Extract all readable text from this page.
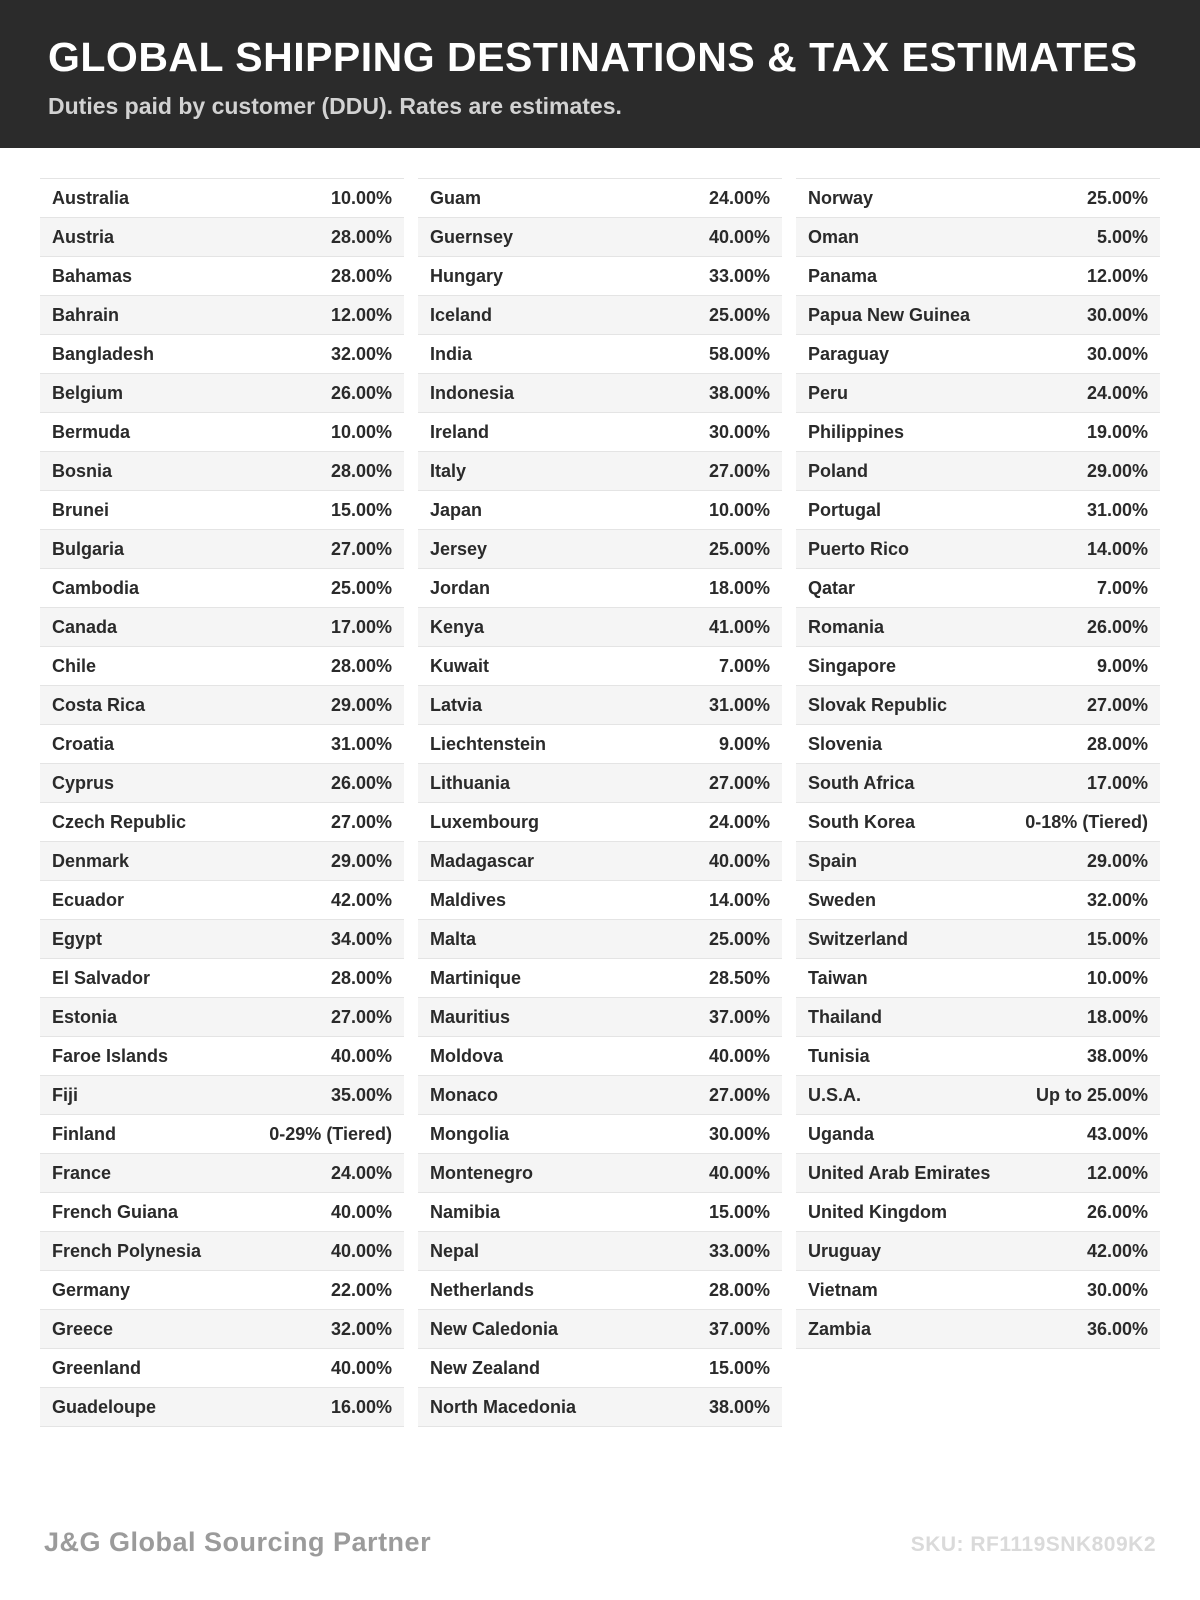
GLOBAL SHIPPING DESTINATIONS & TAX ESTIMATES

Duties paid by customer (DDU). Rates are estimates.

Australia	10.00%
Austria	28.00%
Bahamas	28.00%
Bahrain	12.00%
Bangladesh	32.00%
Belgium	26.00%
Bermuda	10.00%
Bosnia	28.00%
Brunei	15.00%
Bulgaria	27.00%
Cambodia	25.00%
Canada	17.00%
Chile	28.00%
Costa Rica	29.00%
Croatia	31.00%
Cyprus	26.00%
Czech Republic	27.00%
Denmark	29.00%
Ecuador	42.00%
Egypt	34.00%
El Salvador	28.00%
Estonia	27.00%
Faroe Islands	40.00%
Fiji	35.00%
Finland	0-29% (Tiered)
France	24.00%
French Guiana	40.00%
French Polynesia	40.00%
Germany	22.00%
Greece	32.00%
Greenland	40.00%
Guadeloupe	16.00%
Guam	24.00%
Guernsey	40.00%
Hungary	33.00%
Iceland	25.00%
India	58.00%
Indonesia	38.00%
Ireland	30.00%
Italy	27.00%
Japan	10.00%
Jersey	25.00%
Jordan	18.00%
Kenya	41.00%
Kuwait	7.00%
Latvia	31.00%
Liechtenstein	9.00%
Lithuania	27.00%
Luxembourg	24.00%
Madagascar	40.00%
Maldives	14.00%
Malta	25.00%
Martinique	28.50%
Mauritius	37.00%
Moldova	40.00%
Monaco	27.00%
Mongolia	30.00%
Montenegro	40.00%
Namibia	15.00%
Nepal	33.00%
Netherlands	28.00%
New Caledonia	37.00%
New Zealand	15.00%
North Macedonia	38.00%
Norway	25.00%
Oman	5.00%
Panama	12.00%
Papua New Guinea	30.00%
Paraguay	30.00%
Peru	24.00%
Philippines	19.00%
Poland	29.00%
Portugal	31.00%
Puerto Rico	14.00%
Qatar	7.00%
Romania	26.00%
Singapore	9.00%
Slovak Republic	27.00%
Slovenia	28.00%
South Africa	17.00%
South Korea	0-18% (Tiered)
Spain	29.00%
Sweden	32.00%
Switzerland	15.00%
Taiwan	10.00%
Thailand	18.00%
Tunisia	38.00%
U.S.A.	Up to 25.00%
Uganda	43.00%
United Arab Emirates	12.00%
United Kingdom	26.00%
Uruguay	42.00%
Vietnam	30.00%
Zambia	36.00%
J&G Global Sourcing Partner	SKU: RF1119SNK809K2
